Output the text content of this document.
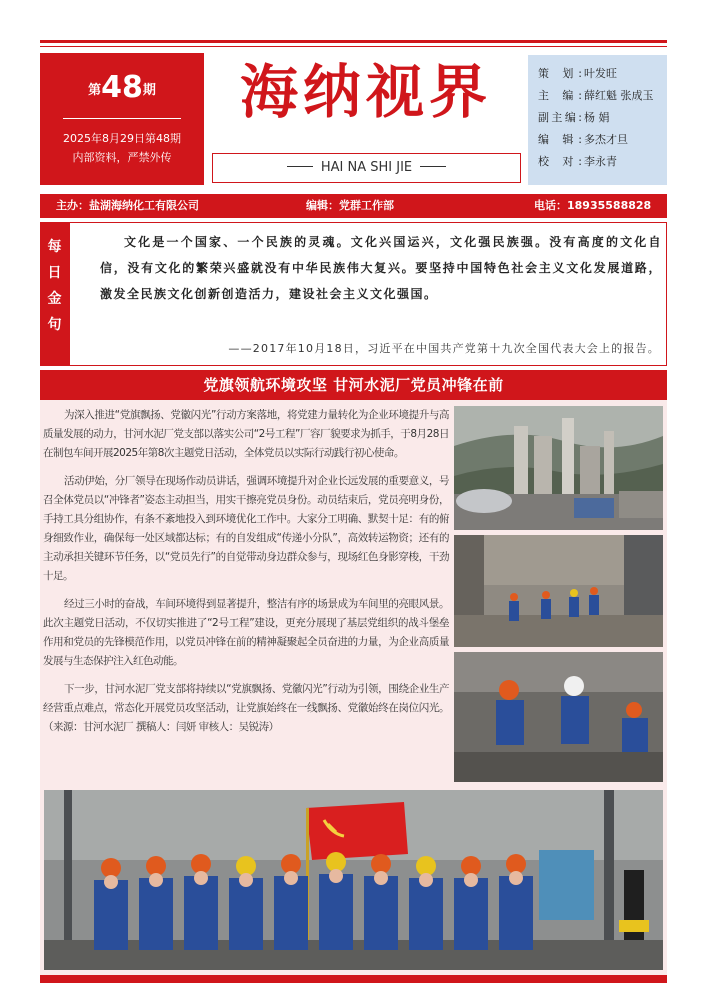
第48期
2025年8月29日第48期
内部资料，严禁外传
海纳视界
HAI NA SHI JIE
策 划: 叶发旺
主 编: 薛红魁 张成玉
副主编: 杨 娟
编 辑: 多杰才旦
校 对: 李永青
主办：盐湖海纳化工有限公司	编辑：党群工作部	电话：18935588828
每
日
金
句
文化是一个国家、一个民族的灵魂。文化兴国运兴，文化强民族强。没有高度的文化自信，没有文化的繁荣兴盛就没有中华民族伟大复兴。要坚持中国特色社会主义文化发展道路，激发全民族文化创新创造活力，建设社会主义文化强国。
——2017年10月18日，习近平在中国共产党第十九次全国代表大会上的报告。
党旗领航环境攻坚 甘河水泥厂党员冲锋在前

为深入推进“党旗飘扬、党徽闪光”行动方案落地，将党建力量转化为企业环境提升与高质量发展的动力，甘河水泥厂党支部以落实公司“2号工程”厂容厂貌要求为抓手，于8月28日在制包车间开展2025年第8次主题党日活动，全体党员以实际行动践行初心使命。

活动伊始，分厂领导在现场作动员讲话，强调环境提升对企业长远发展的重要意义，号召全体党员以“冲锋者”姿态主动担当，用实干擦亮党员身份。动员结束后，党员亮明身份，手持工具分组协作，有条不紊地投入到环境优化工作中。大家分工明确、默契十足：有的俯身细致作业，确保每一处区域都达标；有的自发组成“传递小分队”，高效转运物资；还有的主动承担关键环节任务，以“党员先行”的自觉带动身边群众参与，现场红色身影穿梭，干劲十足。

经过三小时的奋战，车间环境得到显著提升，整洁有序的场景成为车间里的亮眼风景。此次主题党日活动，不仅切实推进了“2号工程”建设，更充分展现了基层党组织的战斗堡垒作用和党员的先锋模范作用，以党员冲锋在前的精神凝聚起全员奋进的力量，为企业高质量发展与生态保护注入红色动能。

下一步，甘河水泥厂党支部将持续以“党旗飘扬、党徽闪光”行动为引领，围绕企业生产经营重点难点，常态化开展党员攻坚活动，让党旗始终在一线飘扬、党徽始终在岗位闪光。（来源：甘河水泥厂 撰稿人：闫妍 审核人：吴锐涛）
